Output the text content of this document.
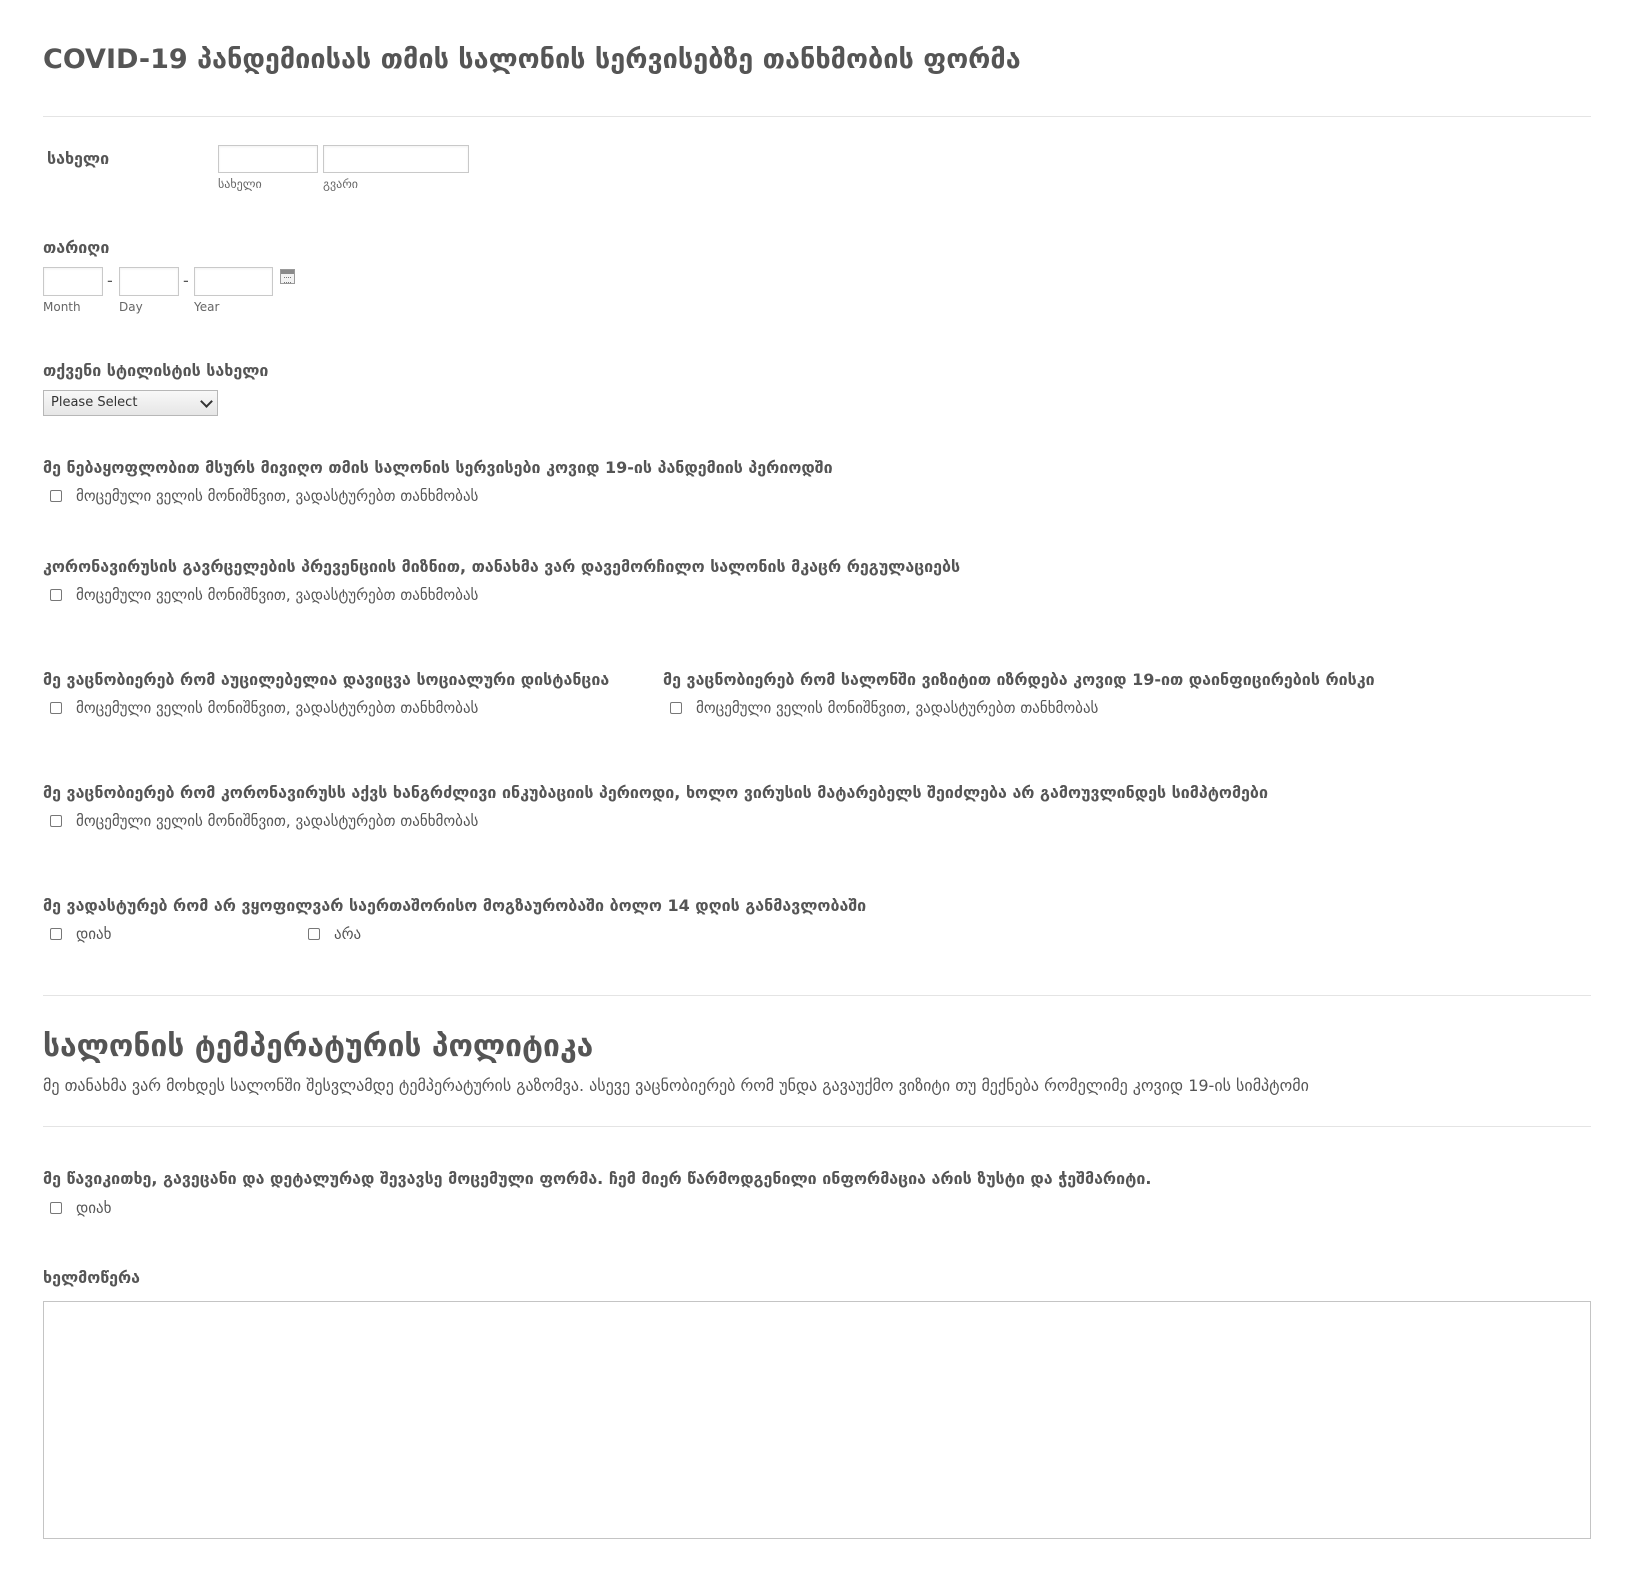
COVID-19 პანდემიისას თმის სალონის სერვისებზე თანხმობის ფორმა
სახელი
სახელი	გვარი
თარიღი
-	-
Month	Day	Year
თქვენი სტილისტის სახელი
Please Select
მე ნებაყოფლობით მსურს მივიღო თმის სალონის სერვისები კოვიდ 19-ის პანდემიის პერიოდში
მოცემული ველის მონიშნვით, ვადასტურებთ თანხმობას
კორონავირუსის გავრცელების პრევენციის მიზნით, თანახმა ვარ დავემორჩილო სალონის მკაცრ რეგულაციებს
მოცემული ველის მონიშნვით, ვადასტურებთ თანხმობას
მე ვაცნობიერებ რომ აუცილებელია დავიცვა სოციალური დისტანცია
მოცემული ველის მონიშნვით, ვადასტურებთ თანხმობას
მე ვაცნობიერებ რომ სალონში ვიზიტით იზრდება კოვიდ 19-ით დაინფიცირების რისკი
მოცემული ველის მონიშნვით, ვადასტურებთ თანხმობას
მე ვაცნობიერებ რომ კორონავირუსს აქვს ხანგრძლივი ინკუბაციის პერიოდი, ხოლო ვირუსის მატარებელს შეიძლება არ გამოუვლინდეს სიმპტომები
მოცემული ველის მონიშნვით, ვადასტურებთ თანხმობას
მე ვადასტურებ რომ არ ვყოფილვარ საერთაშორისო მოგზაურობაში ბოლო 14 დღის განმავლობაში
დიახ	არა
სალონის ტემპერატურის პოლიტიკა
მე თანახმა ვარ მოხდეს სალონში შესვლამდე ტემპერატურის გაზომვა. ასევე ვაცნობიერებ რომ უნდა გავაუქმო ვიზიტი თუ მექნება რომელიმე კოვიდ 19-ის სიმპტომი
მე წავიკითხე, გავეცანი და დეტალურად შევავსე მოცემული ფორმა. ჩემ მიერ წარმოდგენილი ინფორმაცია არის ზუსტი და ჭეშმარიტი.
დიახ
ხელმოწერა
